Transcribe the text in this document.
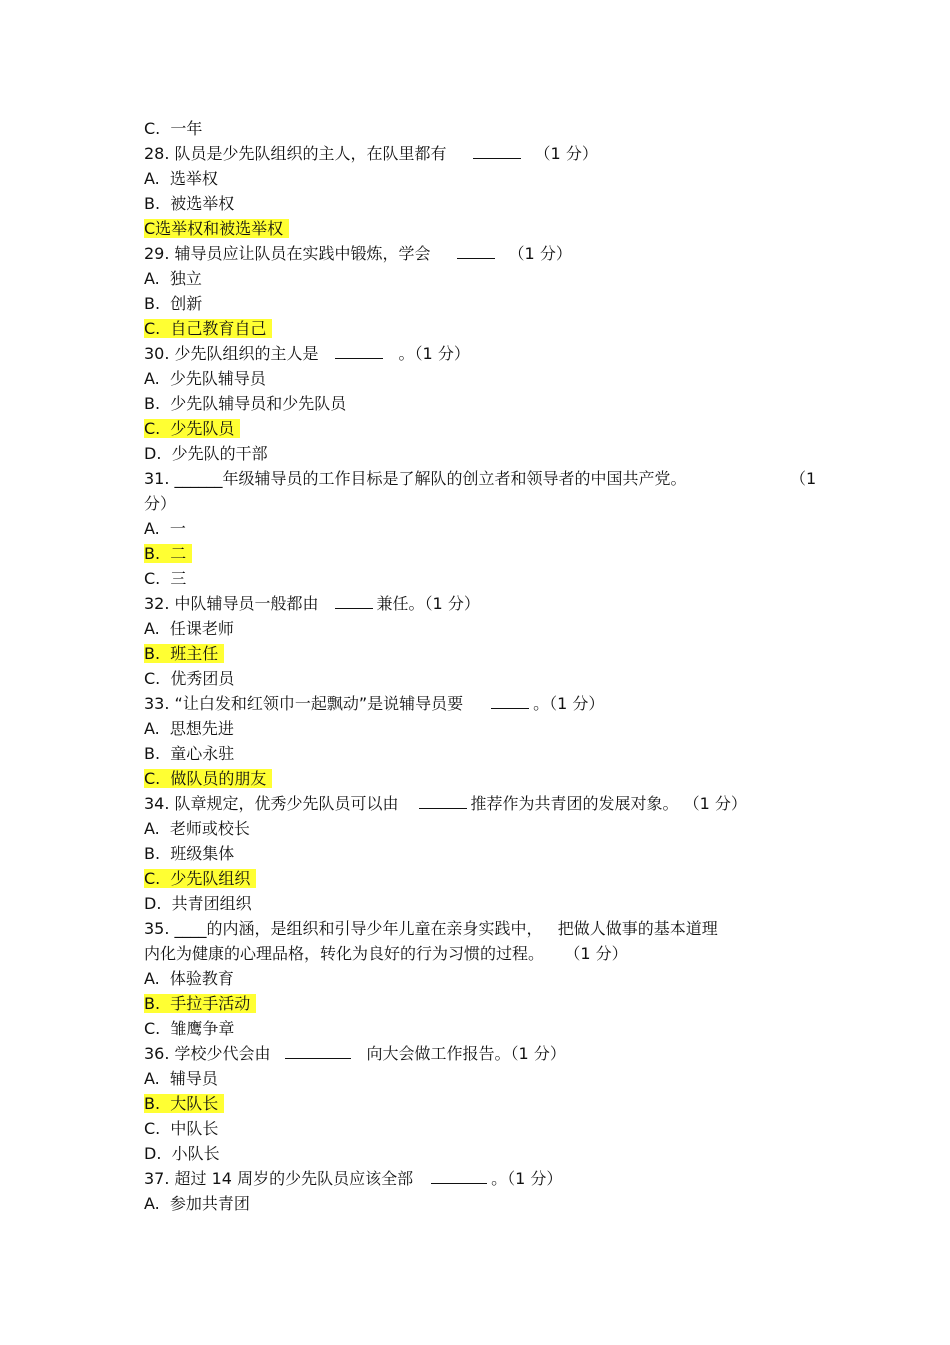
C.  一年
28. 队员是少先队组织的主人，在队里都有	（1 分）
A.  选举权
B.  被选举权
C选举权和被选举权
29. 辅导员应让队员在实践中锻炼，学会	（1 分）
A.  独立
B.  创新
C.  自己教育自己
30. 少先队组织的主人是	。（1 分）
A.  少先队辅导员
B.  少先队辅导员和少先队员
C.  少先队员
D.  少先队的干部
31. ______年级辅导员的工作目标是了解队的创立者和领导者的中国共产党。	（1
分）
A.  一
B.  二
C.  三
32. 中队辅导员一般都由	兼任。（1 分）
A.  任课老师
B.  班主任
C.  优秀团员
33. “让白发和红领巾一起飘动”是说辅导员要	。（1 分）
A.  思想先进
B.  童心永驻
C.  做队员的朋友
34. 队章规定，优秀少先队员可以由	推荐作为共青团的发展对象。 （1 分）
A.  老师或校长
B.  班级集体
C.  少先队组织
D.  共青团组织
35. ____的内涵，是组织和引导少年儿童在亲身实践中，   把做人做事的基本道理
内化为健康的心理品格，转化为良好的行为习惯的过程。    （1 分）
A.  体验教育
B.  手拉手活动
C.  雏鹰争章
36. 学校少代会由	向大会做工作报告。（1 分）
A.  辅导员
B.  大队长
C.  中队长
D.  小队长
37. 超过 14 周岁的少先队员应该全部	。（1 分）
A.  参加共青团
